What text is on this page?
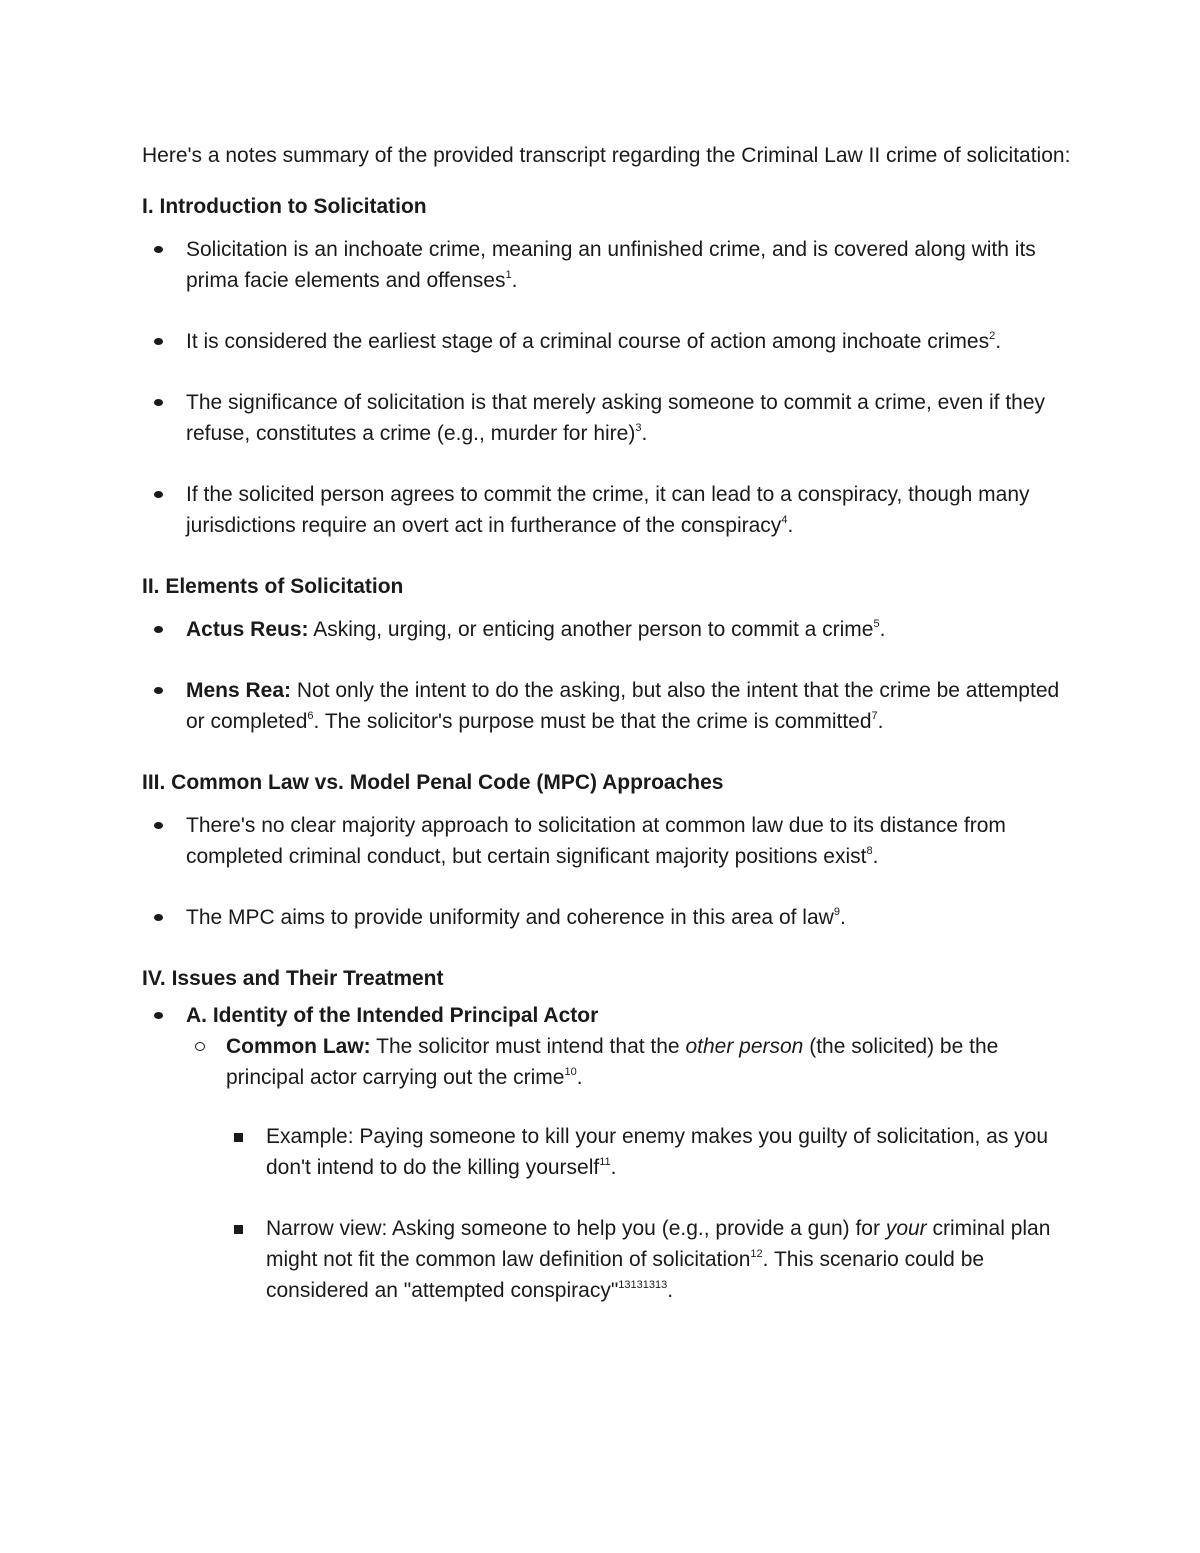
Here's a notes summary of the provided transcript regarding the Criminal Law II crime of solicitation:

I. Introduction to Solicitation
Solicitation is an inchoate crime, meaning an unfinished crime, and is covered along with its prima facie elements and offenses$^1$.
It is considered the earliest stage of a criminal course of action among inchoate crimes$^2$.
The significance of solicitation is that merely asking someone to commit a crime, even if they refuse, constitutes a crime (e.g., murder for hire)$^3$.
If the solicited person agrees to commit the crime, it can lead to a conspiracy, though many jurisdictions require an overt act in furtherance of the conspiracy$^4$.
II. Elements of Solicitation
Actus Reus: Asking, urging, or enticing another person to commit a crime$^5$.
Mens Rea: Not only the intent to do the asking, but also the intent that the crime be attempted or completed$^6$. The solicitor's purpose must be that the crime is committed$^7$.
III. Common Law vs. Model Penal Code (MPC) Approaches
There's no clear majority approach to solicitation at common law due to its distance from completed criminal conduct, but certain significant majority positions exist$^8$.
The MPC aims to provide uniformity and coherence in this area of law$^9$.
IV. Issues and Their Treatment
A. Identity of the Intended Principal Actor
Common Law: The solicitor must intend that the other person (the solicited) be the principal actor carrying out the crime$^{10}$.
Example: Paying someone to kill your enemy makes you guilty of solicitation, as you don't intend to do the killing yourself$^{11}$.
Narrow view: Asking someone to help you (e.g., provide a gun) for your criminal plan might not fit the common law definition of solicitation$^{12}$. This scenario could be considered an "attempted conspiracy"$^{13131313}$.
